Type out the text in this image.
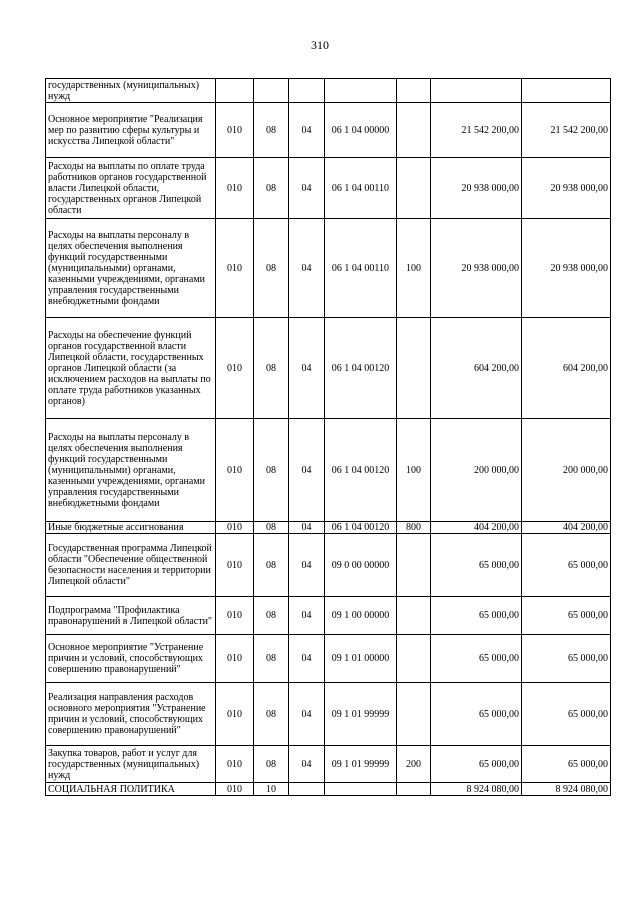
310
государственных (муниципальных) нужд							
Основное мероприятие "Реализация мер по развитию сферы культуры и искусства Липецкой области"	010	08	04	06 1 04 00000		21 542 200,00	21 542 200,00
Расходы на выплаты по оплате труда работников органов государственной власти Липецкой области, государственных органов Липецкой области	010	08	04	06 1 04 00110		20 938 000,00	20 938 000,00
Расходы на выплаты персоналу в целях обеспечения выполнения функций государственными (муниципальными) органами, казенными учреждениями, органами управления государственными внебюджетными фондами	010	08	04	06 1 04 00110	100	20 938 000,00	20 938 000,00
Расходы на обеспечение функций органов государственной власти Липецкой области, государственных органов Липецкой области (за исключением расходов на выплаты по оплате труда работников указанных органов)	010	08	04	06 1 04 00120		604 200,00	604 200,00
Расходы на выплаты персоналу в целях обеспечения выполнения функций государственными (муниципальными) органами, казенными учреждениями, органами управления государственными внебюджетными фондами	010	08	04	06 1 04 00120	100	200 000,00	200 000,00
Иные бюджетные ассигнования	010	08	04	06 1 04 00120	800	404 200,00	404 200,00
Государственная программа Липецкой области "Обеспечение общественной безопасности населения и территории Липецкой области"	010	08	04	09 0 00 00000		65 000,00	65 000,00
Подпрограмма "Профилактика правонарушений в Липецкой области"	010	08	04	09 1 00 00000		65 000,00	65 000,00
Основное мероприятие "Устранение причин и условий, способствующих совершению правонарушений"	010	08	04	09 1 01 00000		65 000,00	65 000,00
Реализация направления расходов основного мероприятия "Устранение причин и условий, способствующих совершению правонарушений"	010	08	04	09 1 01 99999		65 000,00	65 000,00
Закупка товаров, работ и услуг для государственных (муниципальных) нужд	010	08	04	09 1 01 99999	200	65 000,00	65 000,00
СОЦИАЛЬНАЯ ПОЛИТИКА	010	10				8 924 080,00	8 924 080,00
